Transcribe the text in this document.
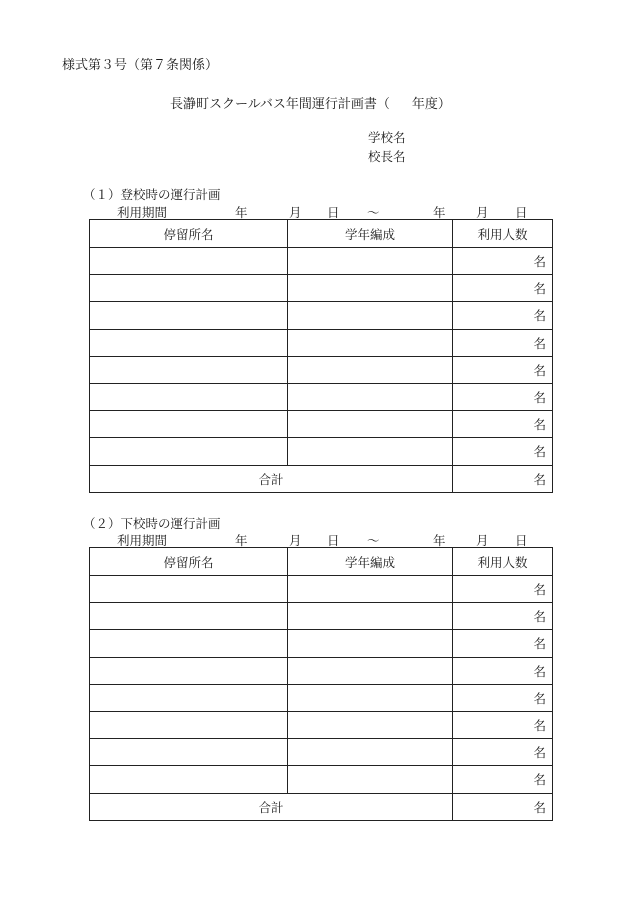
様式第３号（第７条関係）
長瀞町スクールバス年間運行計画書（ 年度）
学校名
校長名
（１）登校時の運行計画
利用期間	年	月 日 ～	年 月 日
停留所名	学年編成	利用人数
		名
		名
		名
		名
		名
		名
		名
		名
合計		名
（２）下校時の運行計画
利用期間	年	月 日 ～	年 月 日
停留所名	学年編成	利用人数
		名
		名
		名
		名
		名
		名
		名
		名
合計		名
